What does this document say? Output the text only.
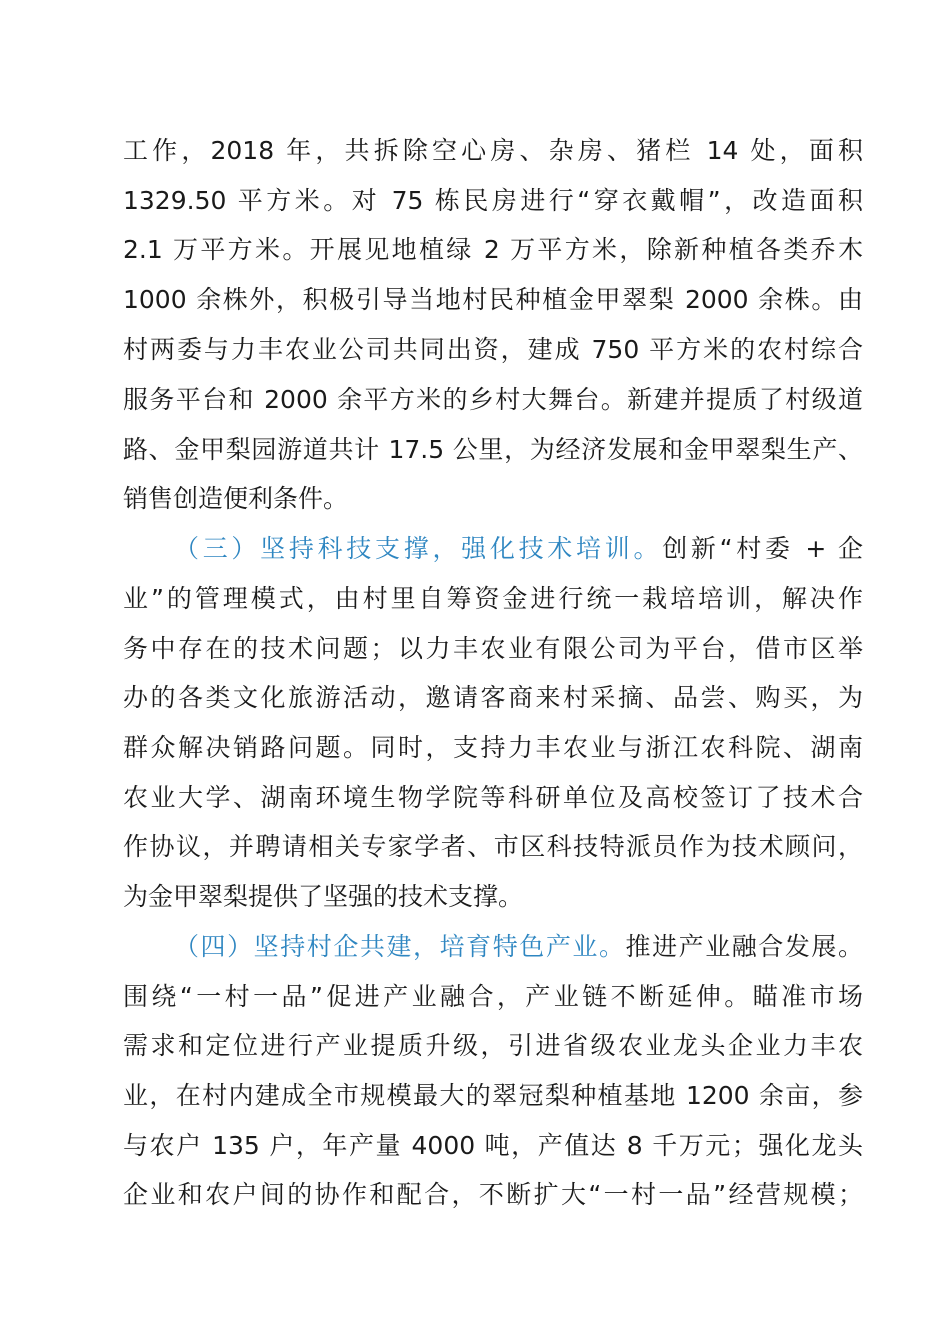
工作，2018 年，共拆除空心房、杂房、猪栏 14 处，面积
1329.50 平方米。对 75 栋民房进行“穿衣戴帽”，改造面积
2.1 万平方米。开展见地植绿 2 万平方米，除新种植各类乔木
1000 余株外，积极引导当地村民种植金甲翠梨 2000 余株。由
村两委与力丰农业公司共同出资，建成 750 平方米的农村综合
服务平台和 2000 余平方米的乡村大舞台。新建并提质了村级道
路、金甲梨园游道共计 17.5 公里，为经济发展和金甲翠梨生产、
销售创造便利条件。
（三）坚持科技支撑，强化技术培训。创新“村委 + 企
业”的管理模式，由村里自筹资金进行统一栽培培训，解决作
务中存在的技术问题；以力丰农业有限公司为平台，借市区举
办的各类文化旅游活动，邀请客商来村采摘、品尝、购买，为
群众解决销路问题。同时，支持力丰农业与浙江农科院、湖南
农业大学、湖南环境生物学院等科研单位及高校签订了技术合
作协议，并聘请相关专家学者、市区科技特派员作为技术顾问，
为金甲翠梨提供了坚强的技术支撑。
（四）坚持村企共建，培育特色产业。推进产业融合发展。
围绕“一村一品”促进产业融合，产业链不断延伸。瞄准市场
需求和定位进行产业提质升级，引进省级农业龙头企业力丰农
业，在村内建成全市规模最大的翠冠梨种植基地 1200 余亩，参
与农户 135 户，年产量 4000 吨，产值达 8 千万元；强化龙头
企业和农户间的协作和配合，不断扩大“一村一品”经营规模；
